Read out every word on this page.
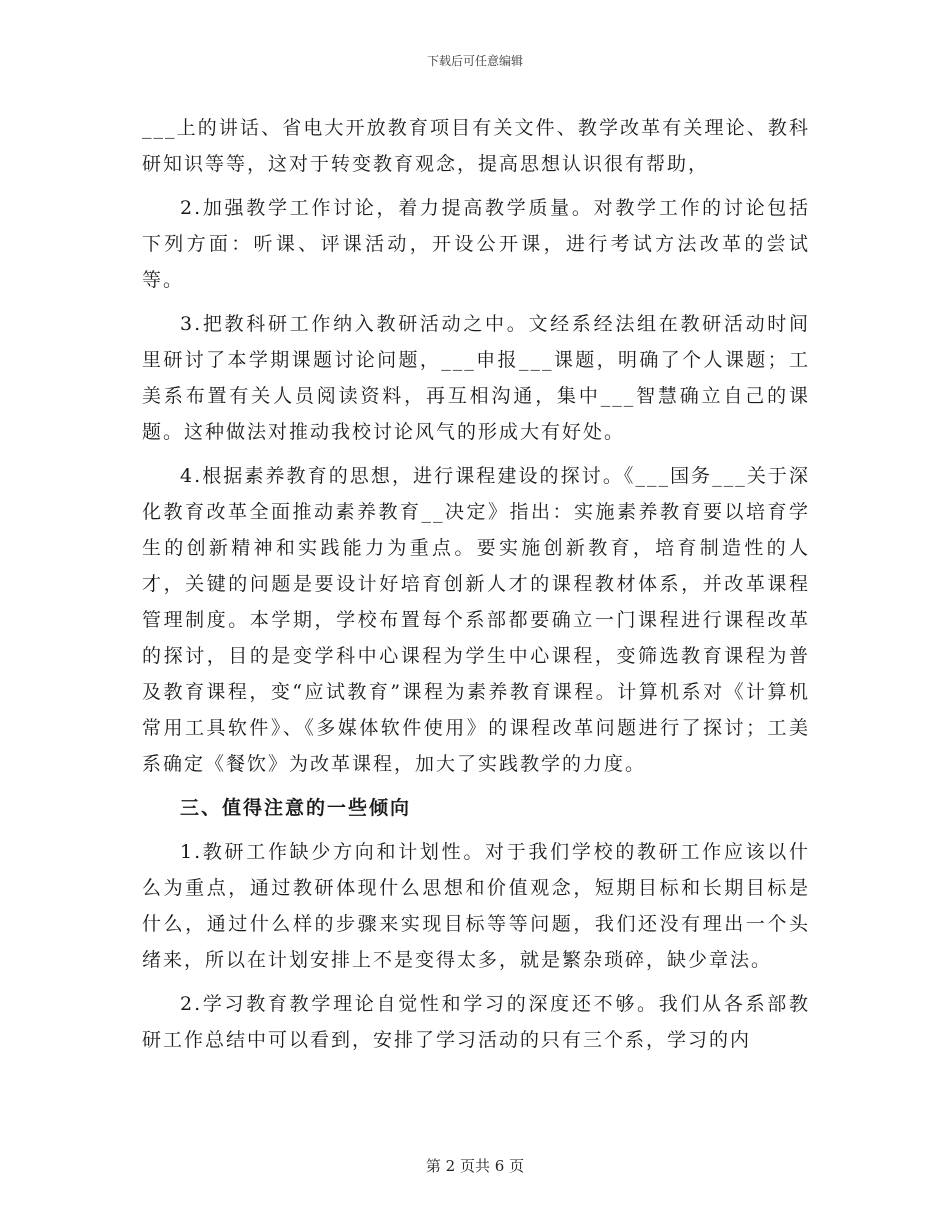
下载后可任意编辑

___上的讲话、省电大开放教育项目有关文件、教学改革有关理论、教科研知识等等，这对于转变教育观念，提高思想认识很有帮助，

2.加强教学工作讨论，着力提高教学质量。对教学工作的讨论包括下列方面：听课、评课活动，开设公开课，进行考试方法改革的尝试等。

3.把教科研工作纳入教研活动之中。文经系经法组在教研活动时间里研讨了本学期课题讨论问题，___申报___课题，明确了个人课题；工美系布置有关人员阅读资料，再互相沟通，集中___智慧确立自己的课题。这种做法对推动我校讨论风气的形成大有好处。

4.根据素养教育的思想，进行课程建设的探讨。《___国务___关于深化教育改革全面推动素养教育__决定》指出：实施素养教育要以培育学生的创新精神和实践能力为重点。要实施创新教育，培育制造性的人才，关键的问题是要设计好培育创新人才的课程教材体系，并改革课程管理制度。本学期，学校布置每个系部都要确立一门课程进行课程改革的探讨，目的是变学科中心课程为学生中心课程，变筛选教育课程为普及教育课程，变“应试教育”课程为素养教育课程。计算机系对《计算机常用工具软件》、《多媒体软件使用》的课程改革问题进行了探讨；工美系确定《餐饮》为改革课程，加大了实践教学的力度。

三、值得注意的一些倾向

1.教研工作缺少方向和计划性。对于我们学校的教研工作应该以什么为重点，通过教研体现什么思想和价值观念，短期目标和长期目标是什么，通过什么样的步骤来实现目标等等问题，我们还没有理出一个头绪来，所以在计划安排上不是变得太多，就是繁杂琐碎，缺少章法。

2.学习教育教学理论自觉性和学习的深度还不够。我们从各系部教研工作总结中可以看到，安排了学习活动的只有三个系，学习的内

第 2 页共 6 页
